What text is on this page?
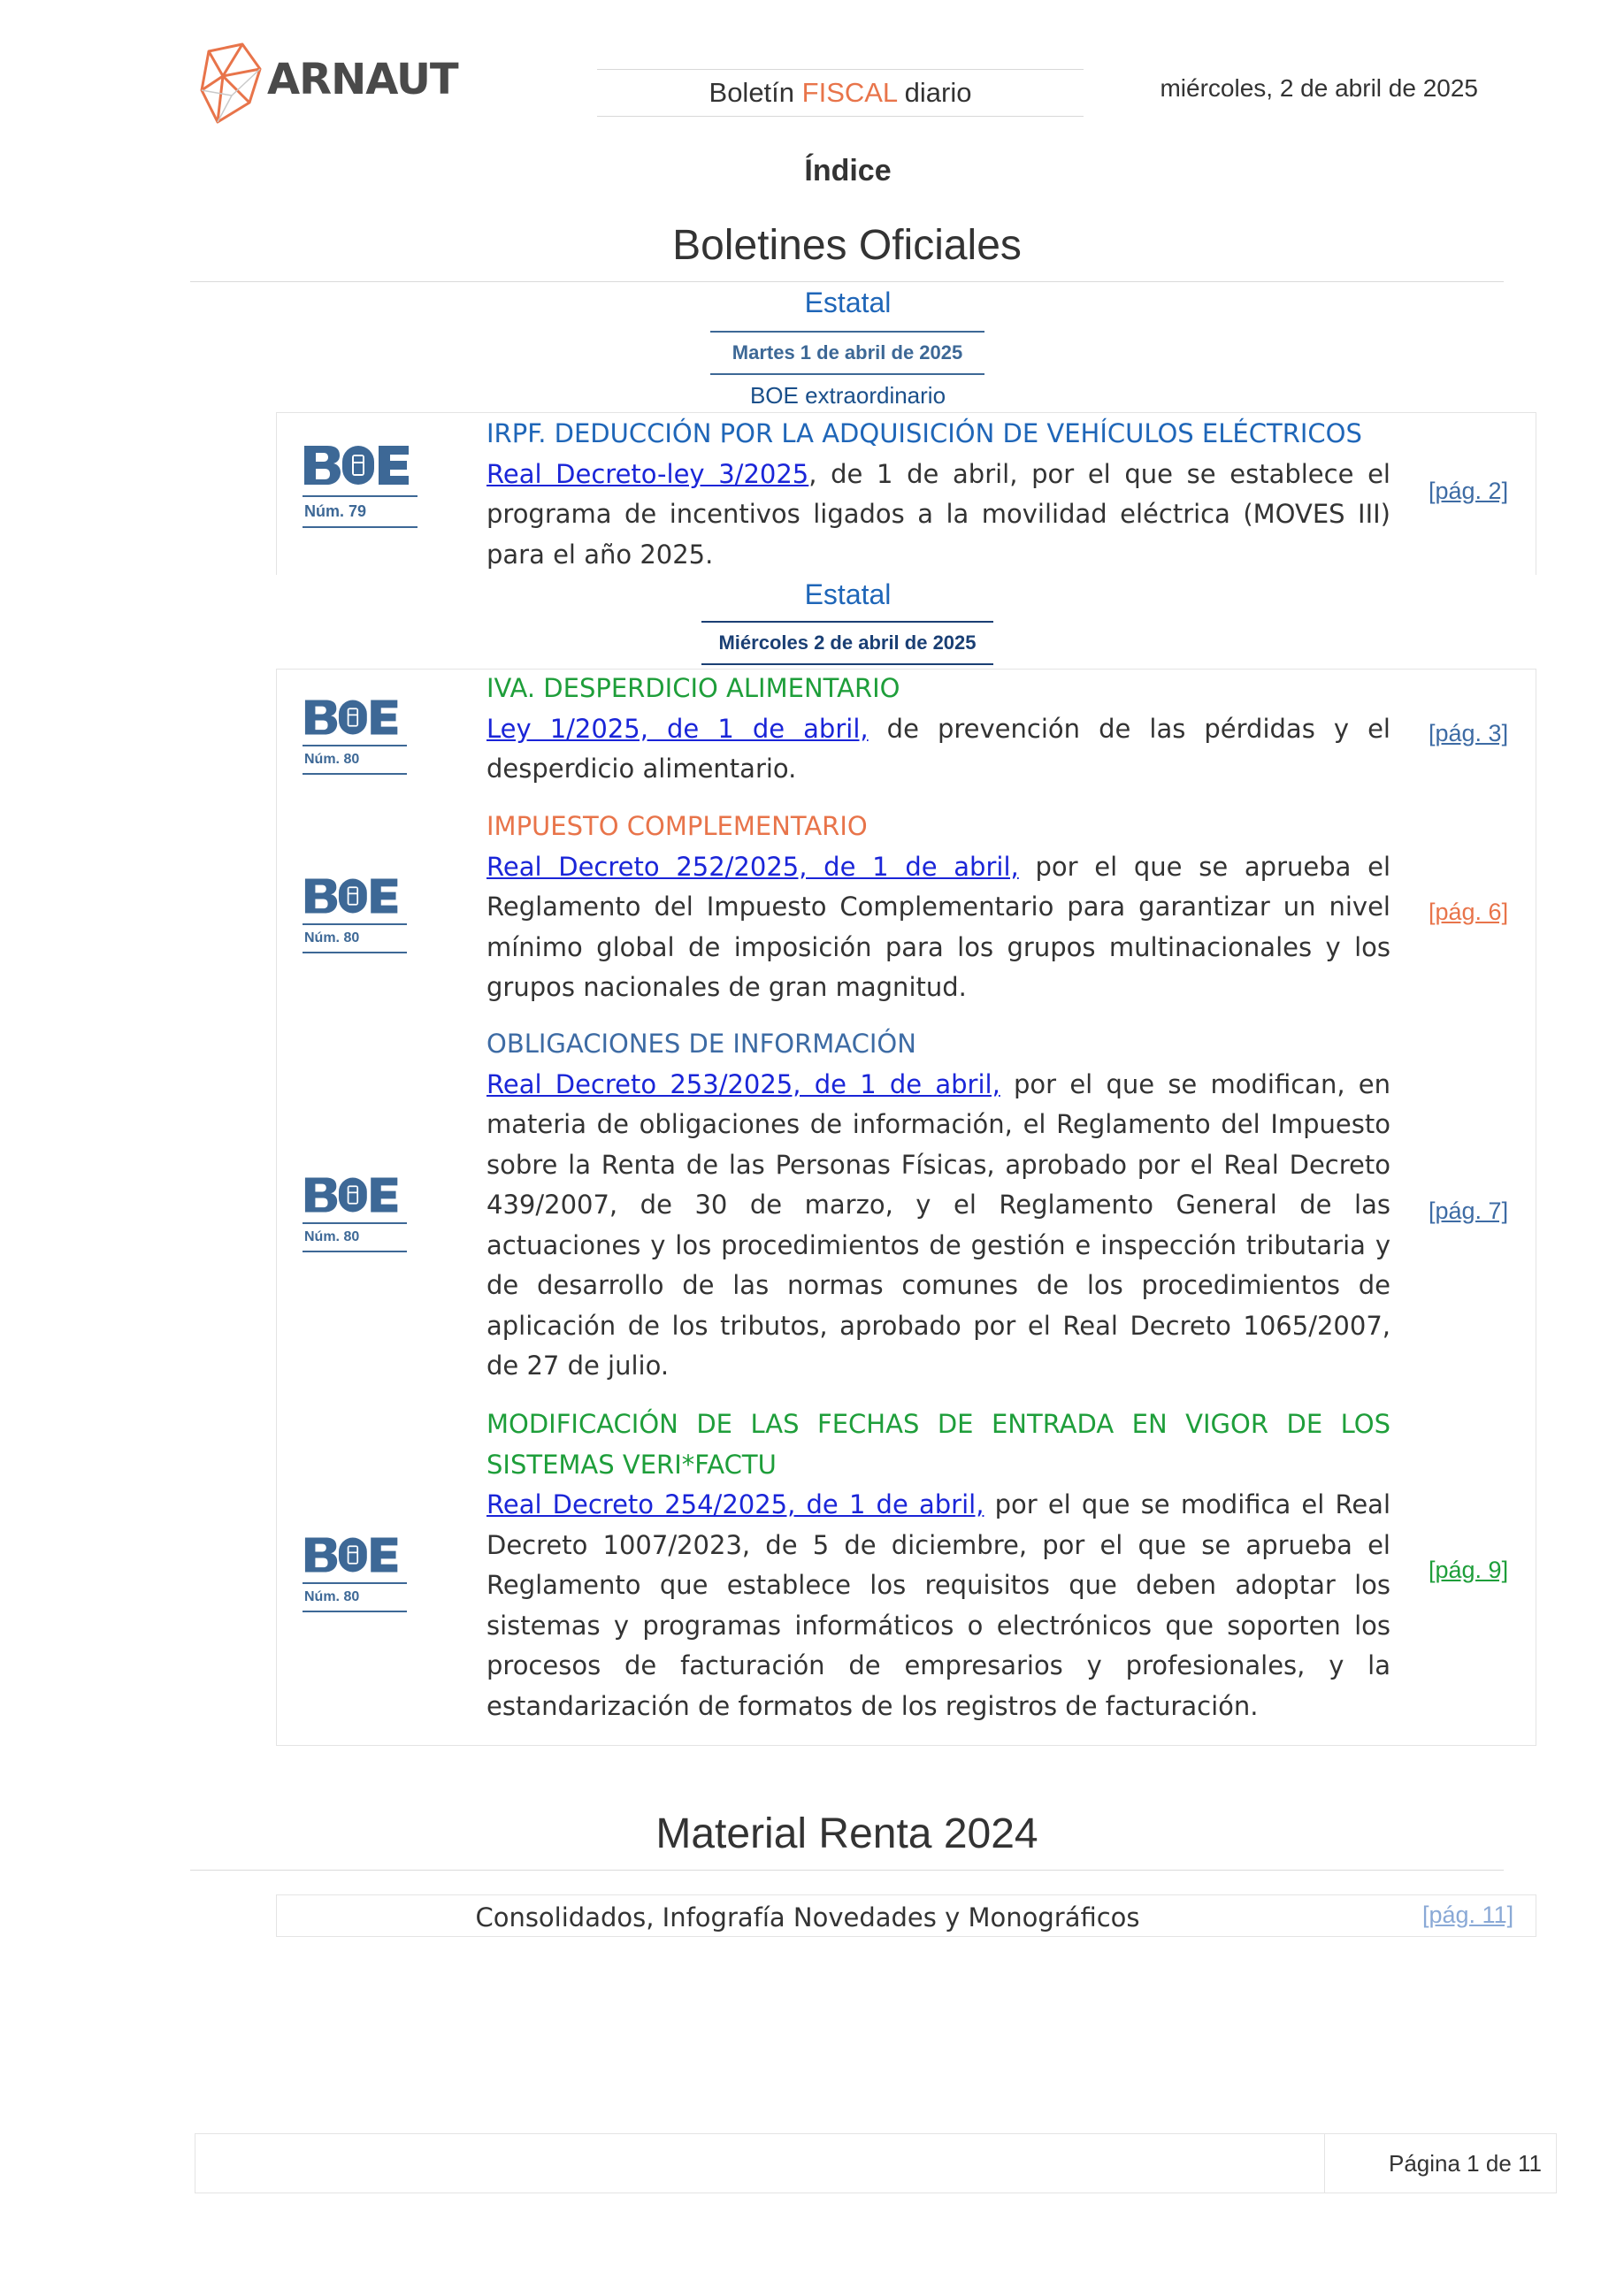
ARNAUT	Boletín FISCAL diario	miércoles, 2 de abril de 2025
Índice
Boletines Oficiales
Estatal
Martes 1 de abril de 2025
BOE extraordinario
Núm. 79
IRPF. DEDUCCIÓN POR LA ADQUISICIÓN DE VEHÍCULOS ELÉCTRICOS
Real Decreto-ley 3/2025, de 1 de abril, por el que se establece el programa de incentivos ligados a la movilidad eléctrica (MOVES III) para el año 2025.
[pág. 2]
Estatal
Miércoles 2 de abril de 2025
Núm. 80
IVA. DESPERDICIO ALIMENTARIO
Ley 1/2025, de 1 de abril, de prevención de las pérdidas y el desperdicio alimentario.
[pág. 3]
Núm. 80
IMPUESTO COMPLEMENTARIO
Real Decreto 252/2025, de 1 de abril, por el que se aprueba el Reglamento del Impuesto Complementario para garantizar un nivel mínimo global de imposición para los grupos multinacionales y los grupos nacionales de gran magnitud.
[pág. 6]
Núm. 80
OBLIGACIONES DE INFORMACIÓN
Real Decreto 253/2025, de 1 de abril, por el que se modifican, en materia de obligaciones de información, el Reglamento del Impuesto sobre la Renta de las Personas Físicas, aprobado por el Real Decreto 439/2007, de 30 de marzo, y el Reglamento General de las actuaciones y los procedimientos de gestión e inspección tributaria y de desarrollo de las normas comunes de los procedimientos de aplicación de los tributos, aprobado por el Real Decreto 1065/2007, de 27 de julio.
[pág. 7]
Núm. 80
MODIFICACIÓN DE LAS FECHAS DE ENTRADA EN VIGOR DE LOS SISTEMAS VERI*FACTU
Real Decreto 254/2025, de 1 de abril, por el que se modifica el Real Decreto 1007/2023, de 5 de diciembre, por el que se aprueba el Reglamento que establece los requisitos que deben adoptar los sistemas y programas informáticos o electrónicos que soporten los procesos de facturación de empresarios y profesionales, y la estandarización de formatos de los registros de facturación.
[pág. 9]
Material Renta 2024
Consolidados, Infografía Novedades y Monográficos	[pág. 11]
Página 1 de 11
